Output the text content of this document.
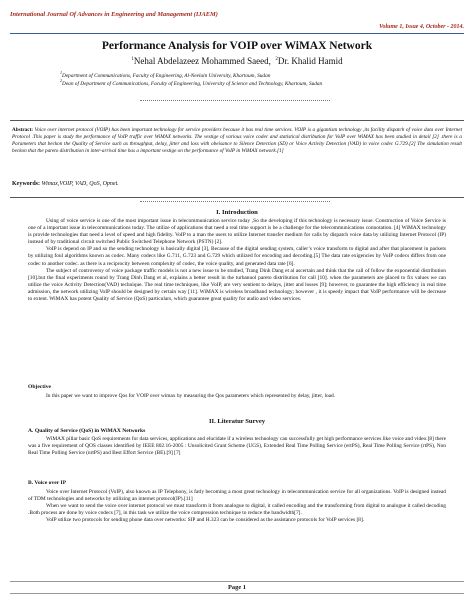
International Journal Of Advances in Engineering and Management (IJAEM)
Volume 1, Issue 4, October - 2014.
Performance Analysis for VOIP over WiMAX Network
$^1$Nehal Abdelazeez Mohammed Saeed, $^2$Dr. Khalid Hamid
$^1$Department of Communications, Faculty of Engineering, Al-Neelain University, Khartoum, Sudan
$^2$Dean of Department of Communications, Faculty of Engineering, University of Science and Technology, Khartoum, Sudan
Abstract: Voice over internet protocol (VOIP) has been important technology for service providers because it has real time services. VOIP is a gigantism technology ,its facility dispatch of voice data over Internet Protocol .This paper is study the performance of VoIP traffic over WiMAX networks. The vestige of various voice codec and statistical distribution for VoIP over WiMAX has been studied in detail [2] .there is a Parameters that beckon the Quality of Service such as throughput, delay, jitter and loss with obeisance to Silence Detection (SD) or Voice Activity Detection (VAD) in voice codec G.729.[2] The simulation result beckon that the pareto distribution in inter-arrival time has a important vestige on the performance of VoIP in WiMAX network.[1]
Keywords: Wimax,VOIP, VAD, QoS, Opnet.
I. Introduction

Using of voice service is one of the most important issue in telecommunication service today ,So the developing if this technology is necessary issue. Construction of Voice Service is one of a important issue in telecommunications today. The utilize of applications that need a real time support is be a challenge for the telecommunications connotation. [4] WiMAX technology is provide technologies that need a level of speed and high fidelity. VoIP to a man the users to utilize Internet transfer medium for calls by dispatch voice data by utilizing Internet Protocol (IP) instead of by traditional circuit switched Public Switched Telephone Network (PSTN) [2].

VoIP is depend on IP and so the sending technology is basically digital [3], Because of the digital sending system, caller’s voice transform to digital and after that placement in packets by utilizing foul algorithms known as codec. Many codecs like G.711, G.723 and G.729 which utilized for encoding and decoding.[5] The data rate exigencies by VoIP codecs differs from one codec to another codec. as there is a reciprocity between complexity of codec, the voice quality, and generated data rate [6].

The subject of controversy of voice package traffic models is not a new issue to be studied, Trang Dinh Dang et al ascertain and think that the call of follow the exponential distribution [10].but the final experiments round by Trang Dinh Dang et al, explains a better result in the turbanuol pareto distribution for call [10]. when the parameters are placed to fix values we can utilize the voice Activity Detection(VAD) technique. The real time techniques, like VoIP, are very sentient to delays, jitter and losses [9]; however, to guarantee the high efficiency in real time admission, the network utilizing VoIP should be designed by certain way [11]. WiMAX is wireless broadband technology; however , it is speedy impact that VoIP performance will be decrease to extent. WiMAX has potent Quality of Service (QoS) particulars, which guarantee great quality for audio and video services.

Objective

In this paper we want to improve Qos for VOIP over wimax by measuring the Qos parameters which represented by delay, jitter, load.

II. Literatur Survey
A. Quality of Service (QoS) in WiMAX Networks

WiMAX pillar basic QoS requirements for data services, applications and elucidate if a wireless technology can successfully get high performance services like voice and video.[8] there was a five requirement of QOS classes identified by IEEE 802.16-2005 : Unsolicited Grant Scheme (UGS), Extended Real Time Polling Service (ertPS), Real Time Polling Service (rtPS), Non Real Time Polling Service (nrtPS) and Best Effort Service (BE).[9] [7]

B. Voice over IP

Voice over Internet Protocol (VoIP), also known as IP Telephony, is fatly becoming a most great technology in telecommunication service for all organizations. VoIP is designed instead of TDM technologies and networks by utilizing an internet protocol(IP).[11]

When we want to send the voice over internet protocol we must transform it from analogue to digital, it called encoding and the transforming from digital to analogue it called decoding .Both process are done by voice codecs [7], in this task we utilize the voice compression technique to reduce the bandwidth[7].

VoIP utilize two protocols for sending phone data over networks: SIP and H.323 can be considered as the assistance protocols for VoIP services [8].

Page 1
